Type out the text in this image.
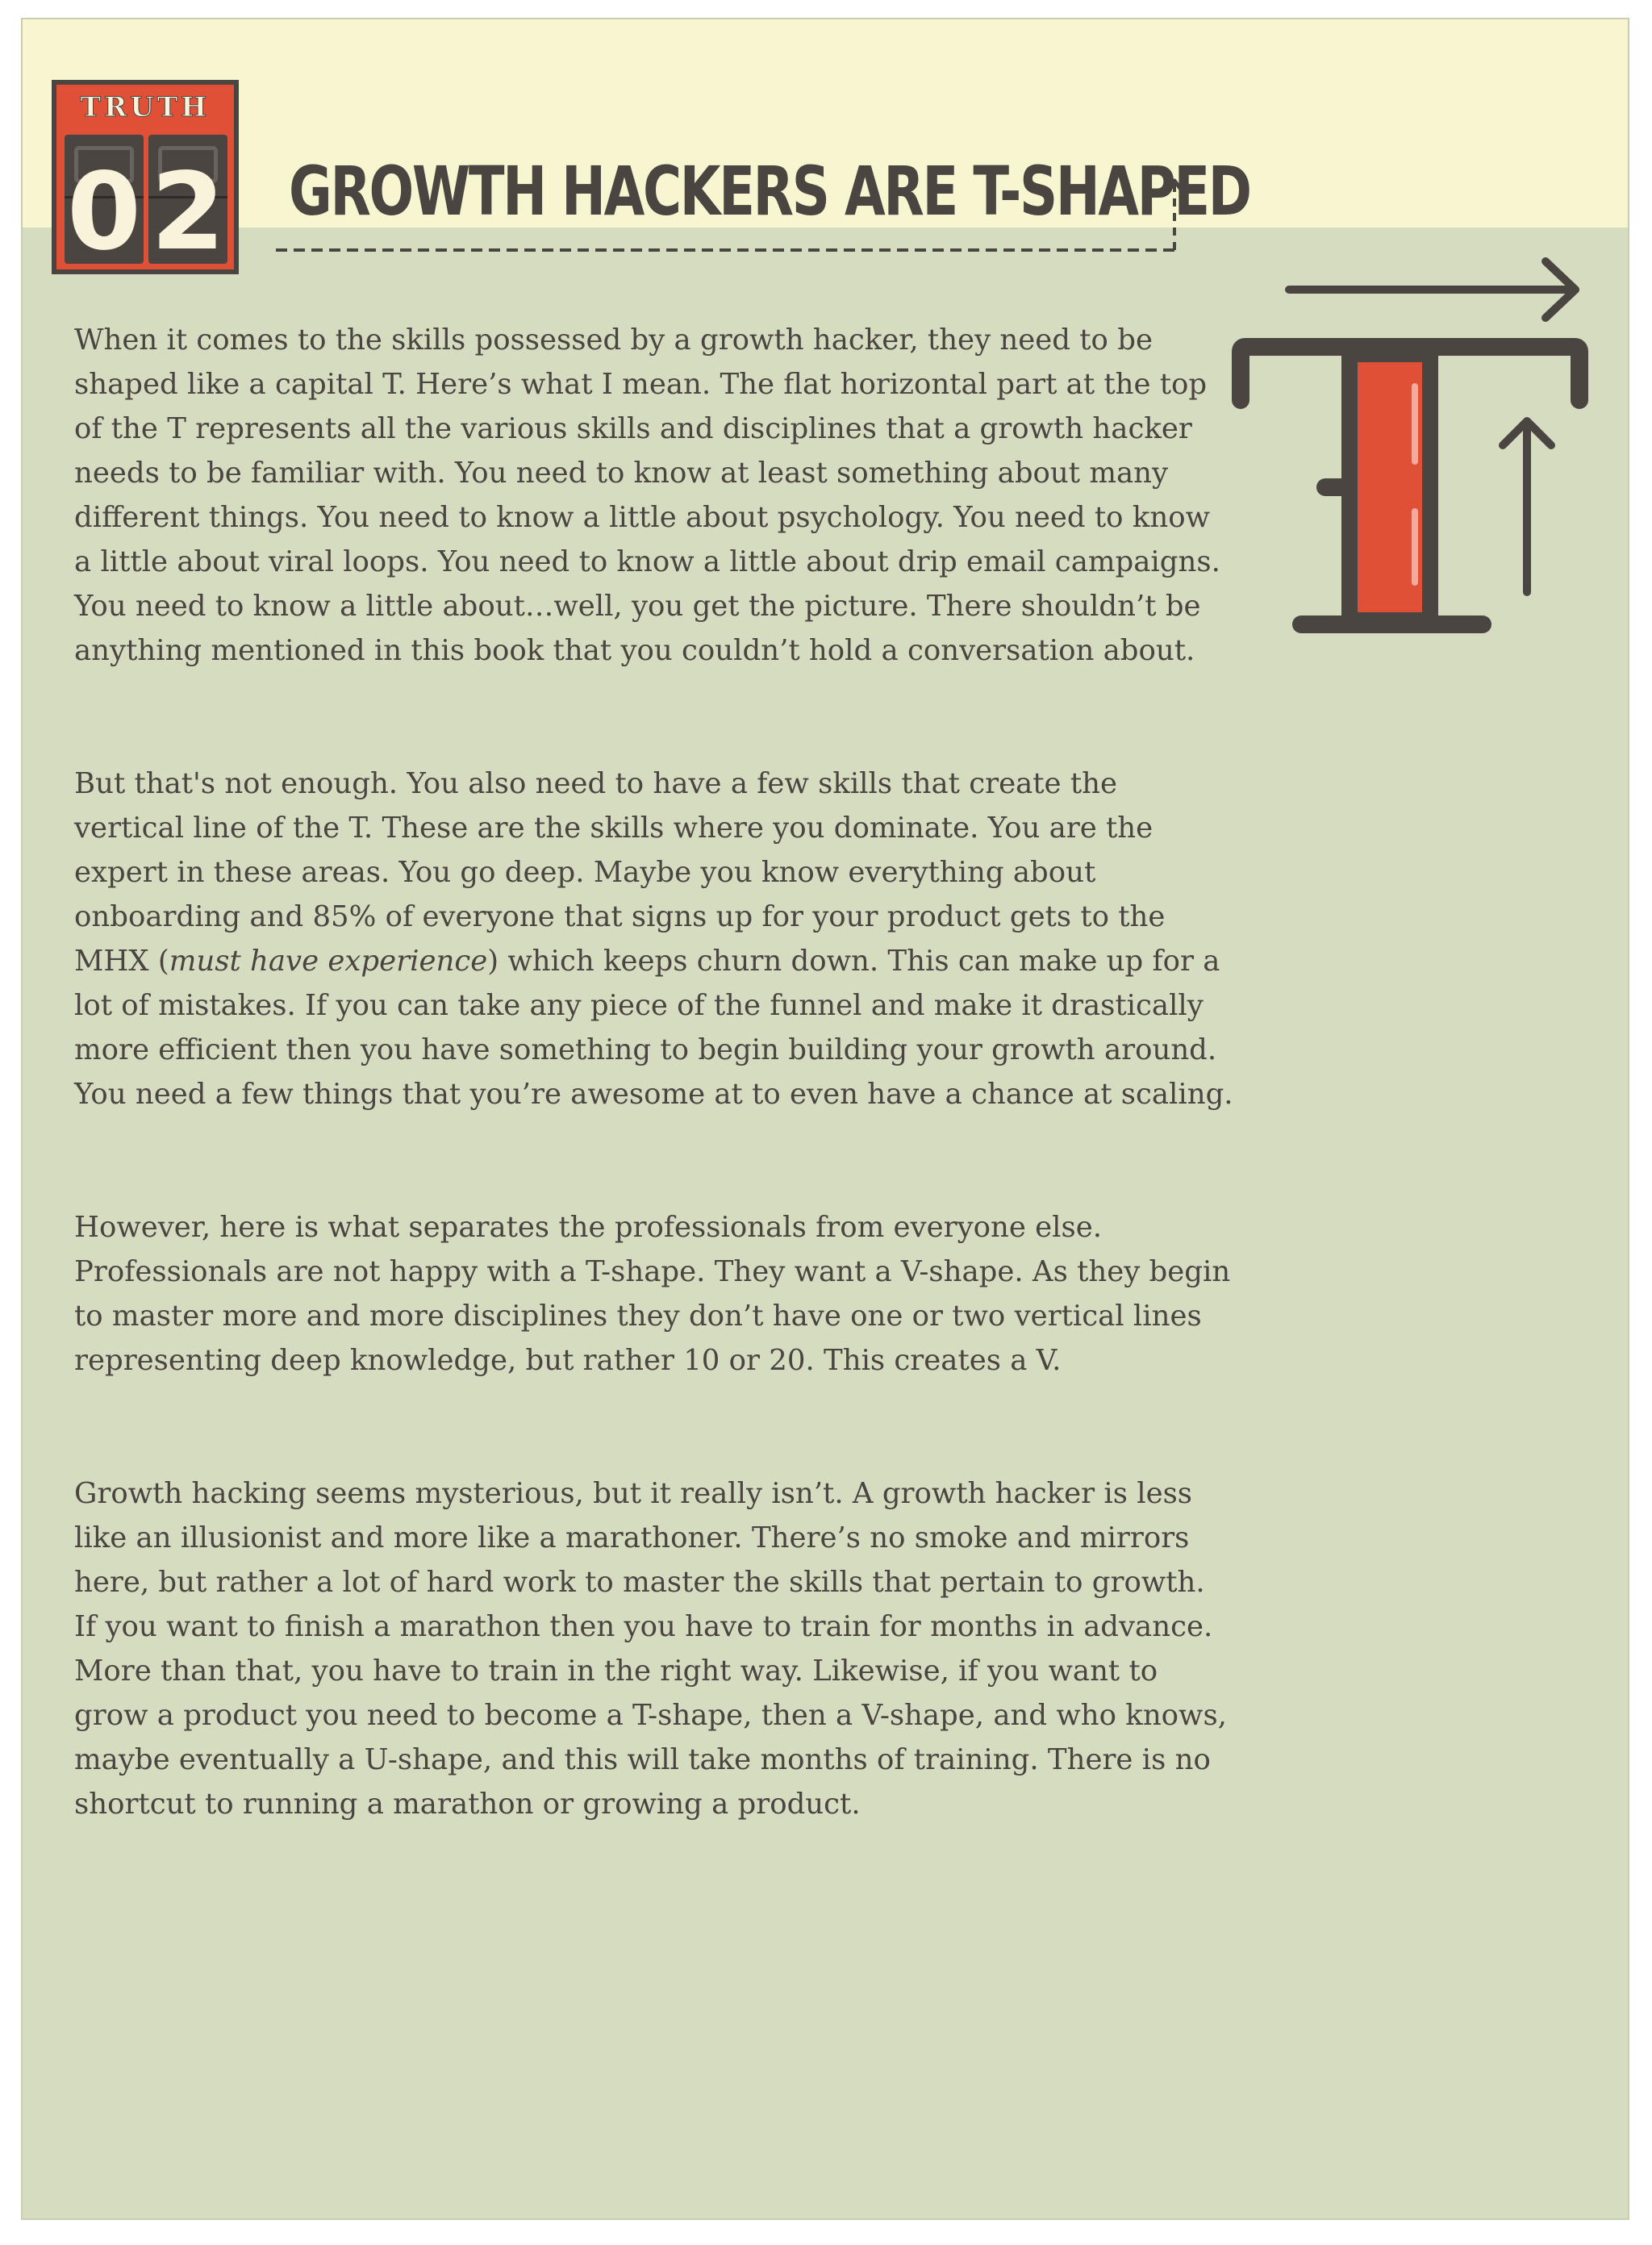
TRUTH
0 2 GROWTH HACKERS ARE T-SHAPED

When it comes to the skills possessed by a growth hacker, they need to be shaped like a capital T. Here’s what I mean. The flat horizontal part at the top of the T represents all the various skills and disciplines that a growth hacker needs to be familiar with. You need to know at least something about many different things. You need to know a little about psychology. You need to know a little about viral loops. You need to know a little about drip email campaigns. You need to know a little about…well, you get the picture. There shouldn’t be anything mentioned in this book that you couldn’t hold a conversation about.

But that's not enough. You also need to have a few skills that create the vertical line of the T. These are the skills where you dominate. You are the expert in these areas. You go deep. Maybe you know everything about onboarding and 85% of everyone that signs up for your product gets to the MHX (must have experience) which keeps churn down. This can make up for a lot of mistakes. If you can take any piece of the funnel and make it drastically more efficient then you have something to begin building your growth around. You need a few things that you’re awesome at to even have a chance at scaling.

However, here is what separates the professionals from everyone else. Professionals are not happy with a T-shape. They want a V-shape. As they begin to master more and more disciplines they don’t have one or two vertical lines representing deep knowledge, but rather 10 or 20. This creates a V.

Growth hacking seems mysterious, but it really isn’t. A growth hacker is less like an illusionist and more like a marathoner. There’s no smoke and mirrors here, but rather a lot of hard work to master the skills that pertain to growth. If you want to finish a marathon then you have to train for months in advance. More than that, you have to train in the right way. Likewise, if you want to grow a product you need to become a T-shape, then a V-shape, and who knows, maybe eventually a U-shape, and this will take months of training. There is no shortcut to running a marathon or growing a product.
